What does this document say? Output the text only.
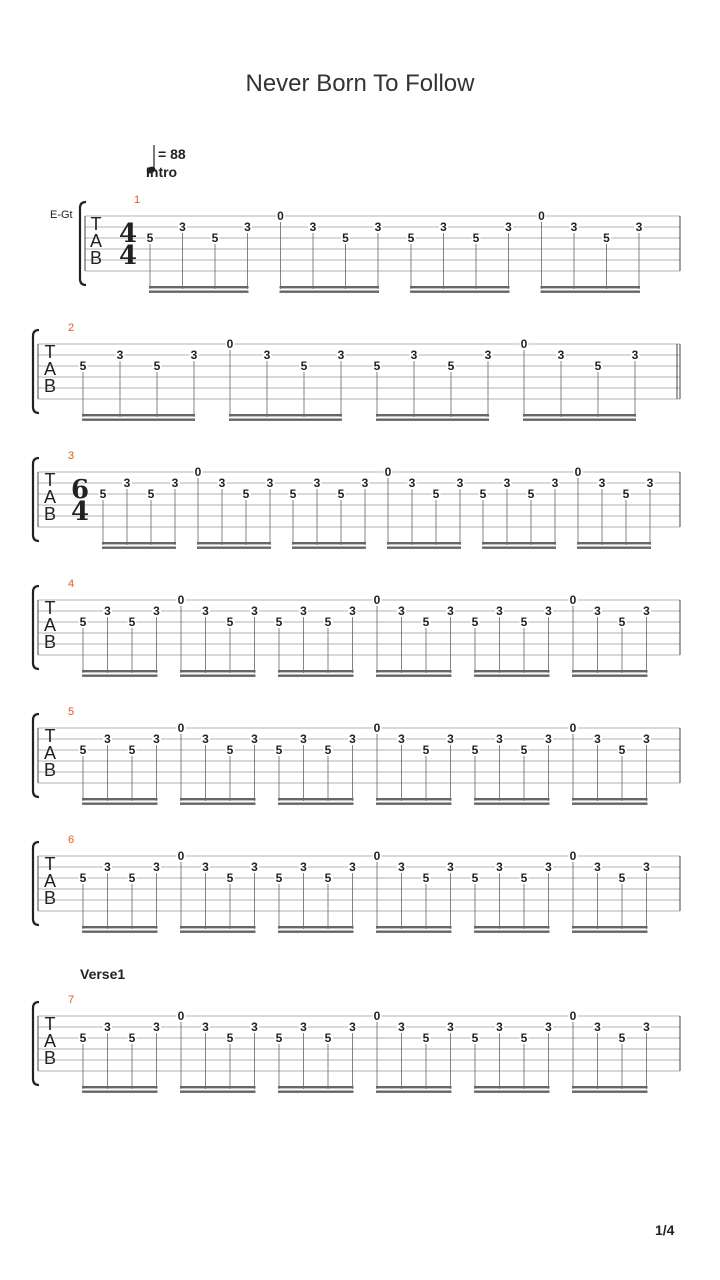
Never Born To Follow
= 88
E-Gt T
A
B
4
4
5
3
5
3
0
3
5
3
5
3
5
3
0
3
5
3
1
Intro
T
A
B
5
3
5
3
0
3
5
3
5
3
5
3
0
3
5
3
2
T
A
B
6
4
5
3
5
3
0
3
5
3
5
3
5
3
0
3
5
3
5
3
5
3
0
3
5
3
3
T
A
B
5
3
5
3
0
3
5
3
5
3
5
3
0
3
5
3
5
3
5
3
0
3
5
3
4
T
A
B
5
3
5
3
0
3
5
3
5
3
5
3
0
3
5
3
5
3
5
3
0
3
5
3
5
T
A
B
5
3
5
3
0
3
5
3
5
3
5
3
0
3
5
3
5
3
5
3
0
3
5
3
6
T
A
B
5
3
5
3
0
3
5
3
5
3
5
3
0
3
5
3
5
3
5
3
0
3
5
3
7
Verse1
1/4
